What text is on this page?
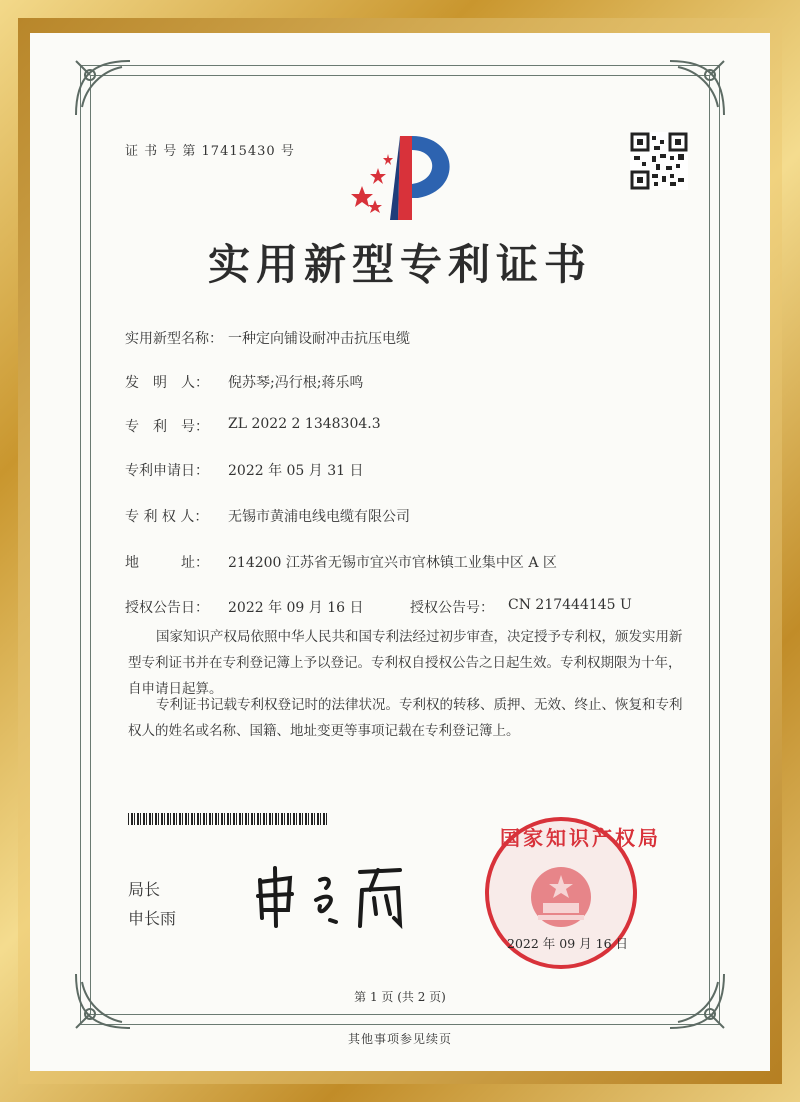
证 书 号 第 17415430 号
实用新型专利证书
实用新型名称： 一种定向铺设耐冲击抗压电缆
发　明　人： 倪苏琴;冯行根;蒋乐鸣
专　利　号： ZL 2022 2 1348304.3
专利申请日： 2022 年 05 月 31 日
专 利 权 人： 无锡市黄浦电线电缆有限公司
地　　　址： 214200 江苏省无锡市宜兴市官林镇工业集中区 A 区
授权公告日： 2022 年 09 月 16 日	授权公告号： CN 217444145 U
国家知识产权局依照中华人民共和国专利法经过初步审查，决定授予专利权，颁发实用新型专利证书并在专利登记簿上予以登记。专利权自授权公告之日起生效。专利权期限为十年，自申请日起算。
专利证书记载专利权登记时的法律状况。专利权的转移、质押、无效、终止、恢复和专利权人的姓名或名称、国籍、地址变更等事项记载在专利登记簿上。
局长
申长雨
国家知识产权局
2022 年 09 月 16 日
第 1 页 (共 2 页)
其他事项参见续页
